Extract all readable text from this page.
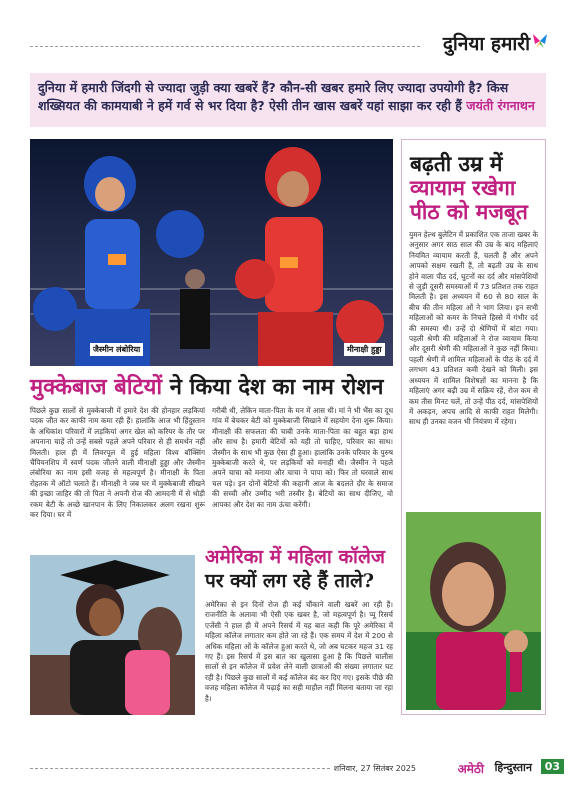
दुनिया हमारी
दुनिया में हमारी जिंदगी से ज्यादा जुड़ी क्या खबरें हैं? कौन-सी खबर हमारे लिए ज्यादा उपयोगी है? किस शख्सियत की कामयाबी ने हमें गर्व से भर दिया है? ऐसी तीन खास खबरें यहां साझा कर रही हैं जयंती रंगनाथन
जैस्मीन लंबोरिया	मीनाक्षी हुड्डा
मुक्केबाज बेटियों ने किया देश का नाम रोशन
पिछले कुछ सालों से मुक्केबाजी में हमारे देश की होनहार लड़कियां पदक जीत कर काफी नाम कमा रही हैं। हालांकि आज भी हिंदुस्तान के अधिकांश परिवारों में लड़कियां अगर खेल को करियर के तौर पर अपनाना चाहें तो उन्हें सबसे पहले अपने परिवार से ही समर्थन नहीं मिलती। हाल ही में लिवरपूल में हुई महिला विश्व बॉक्सिंग चैंपियनशिप में स्वर्ण पदक जीतने वाली मीनाक्षी हुड्डा और जैस्मीन लंबोरिया का नाम इसी वजह से महत्वपूर्ण है। मीनाक्षी के पिता रोहतक में ऑटो चलाते हैं। मीनाक्षी ने जब घर में मुक्केबाजी सीखने की इच्छा जाहिर की तो पिता ने अपनी रोज की आमदनी में से थोड़ी रकम बेटी के अच्छे खानपान के लिए निकालकर अलग रखना शुरू कर दिया। घर में
गरीबी थी, लेकिन माता-पिता के मन में आस थी। मां ने भी भैंस का दूध गांव में बेचकर बेटी को मुक्केबाजी सिखाने में सहयोग देना शुरू किया। मीनाक्षी की सफलता की चाबी उनके माता-पिता का बहुत बड़ा हाथ और साथ है। हमारी बेटियों को यही तो चाहिए, परिवार का साथ। जैस्मीन के साथ भी कुछ ऐसा ही हुआ। हालांकि उनके परिवार के पुरुष मुक्केबाजी करते थे, पर लड़कियों को मनाही थी। जैस्मीन ने पहले अपने चाचा को मनाया और चाचा ने पापा को। फिर तो घरवाले साथ चल पड़े। इन दोनों बेटियों की कहानी आज के बदलते दौर के समाज की सच्ची और उम्मीद भरी तस्वीर है। बेटियों का साथ दीजिए, वो आपका और देश का नाम ऊंचा करेंगी।
बढ़ती उम्र में
व्यायाम रखेगा
पीठ को मजबूत
युमन हेल्थ बुलेटिन में प्रकाशित एक ताजा खबर के अनुसार अगर साठ साल की उम्र के बाद महिलाएं नियमित व्यायाम करती हैं, चलती हैं और अपने आपको सक्षम रखती हैं, तो बढ़ती उम्र के साथ होने वाला पीठ दर्द, घुटनों का दर्द और मांसपेशियों से जुड़ी दूसरी समस्याओं में 73 प्रतिशत तक राहत मिलती है। इस अध्ययन में 60 से 80 साल के बीच की तीन महिला ओं ने भाग लिया। इन सभी महिलाओं को कमर के निचले हिस्से में गंभीर दर्द की समस्या थी। उन्हें दो श्रेणियों में बांटा गया। पहली श्रेणी की महिलाओं ने रोज व्यायाम किया और दूसरी श्रेणी की महिलाओं ने कुछ नहीं किया। पहली श्रेणी में शामिल महिलाओं के पीठ के दर्द में लगभग 43 प्रतिशत कमी देखने को मिली। इस अध्ययन में शामिल विशेषज्ञों का मानना है कि महिलाएं अगर बढ़ी उम्र में सक्रिय रहें, रोज कम से कम तीस मिनट चलें, तो उन्हें पीठ दर्द, मांसपेशियों में अकड़न, अपच आदि से काफी राहत मिलेगी। साथ ही उनका वजन भी नियंत्रण में रहेगा।
अमेरिका में महिला कॉलेज
पर क्यों लग रहे हैं ताले?
अमेरिका से इन दिनों रोज ही कई चौंकाने वाली खबरें आ रही हैं। राजनीति के अलावा भी ऐसी एक खबर है, जो महत्वपूर्ण है। प्यू रिसर्च एजेंसी ने हाल ही में अपने रिसर्च में यह बात कही कि पूरे अमेरिका में महिला कॉलेज लगातार कम होते जा रहे हैं। एक समय में देश में 200 से अधिक महिला ओं के कॉलेज हुआ करते थे, जो अब घटकर महज 31 रह गए हैं। इस रिसर्च में इस बात का खुलासा हुआ है कि पिछले चालीस सालों से इन कॉलेज में प्रवेश लेने वाली छात्राओं की संख्या लगातार घट रही है। पिछले कुछ सालों में कई कॉलेज बंद कर दिए गए। इसके पीछे की वजह महिला कॉलेज में पढ़ाई का सही माहौल नहीं मिलना बताया जा रहा है।
शनिवार, 27 सितंबर 2025	अमेठी हिन्दुस्तान	03
